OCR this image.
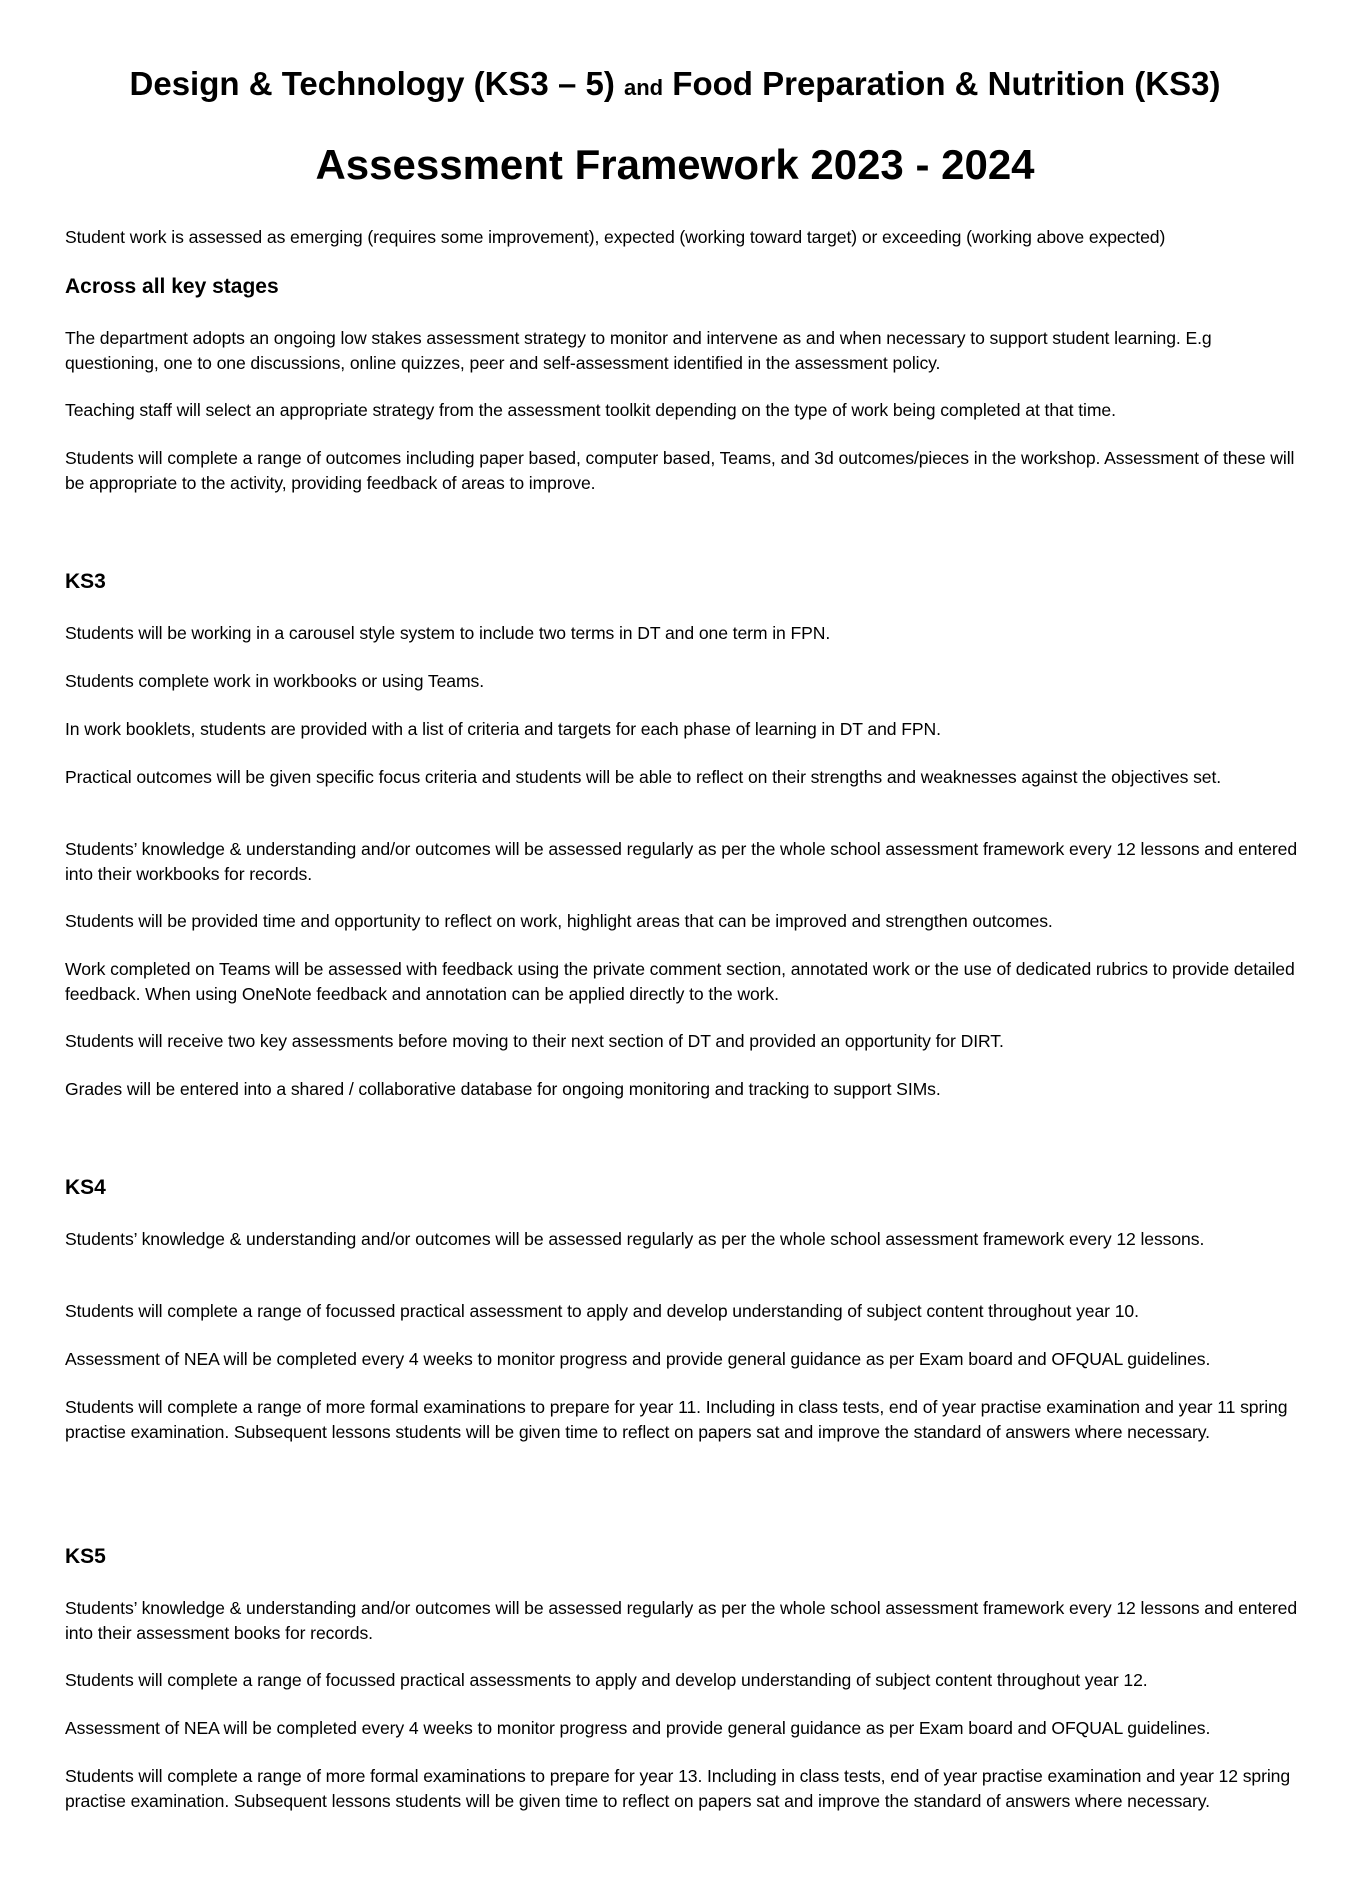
Design & Technology (KS3 – 5) and Food Preparation & Nutrition (KS3)
Assessment Framework 2023 - 2024
Student work is assessed as emerging (requires some improvement), expected (working toward target) or exceeding (working above expected)
Across all key stages
The department adopts an ongoing low stakes assessment strategy to monitor and intervene as and when necessary to support student learning. E.g questioning, one to one discussions, online quizzes, peer and self-assessment identified in the assessment policy.
Teaching staff will select an appropriate strategy from the assessment toolkit depending on the type of work being completed at that time.
Students will complete a range of outcomes including paper based, computer based, Teams, and 3d outcomes/pieces in the workshop. Assessment of these will be appropriate to the activity, providing feedback of areas to improve.
KS3
Students will be working in a carousel style system to include two terms in DT and one term in FPN.
Students complete work in workbooks or using Teams.
In work booklets, students are provided with a list of criteria and targets for each phase of learning in DT and FPN.
Practical outcomes will be given specific focus criteria and students will be able to reflect on their strengths and weaknesses against the objectives set.
Students’ knowledge & understanding and/or outcomes will be assessed regularly as per the whole school assessment framework every 12 lessons and entered into their workbooks for records.
Students will be provided time and opportunity to reflect on work, highlight areas that can be improved and strengthen outcomes.
Work completed on Teams will be assessed with feedback using the private comment section, annotated work or the use of dedicated rubrics to provide detailed feedback. When using OneNote feedback and annotation can be applied directly to the work.
Students will receive two key assessments before moving to their next section of DT and provided an opportunity for DIRT.
Grades will be entered into a shared / collaborative database for ongoing monitoring and tracking to support SIMs.
KS4
Students’ knowledge & understanding and/or outcomes will be assessed regularly as per the whole school assessment framework every 12 lessons.
Students will complete a range of focussed practical assessment to apply and develop understanding of subject content throughout year 10.
Assessment of NEA will be completed every 4 weeks to monitor progress and provide general guidance as per Exam board and OFQUAL guidelines.
Students will complete a range of more formal examinations to prepare for year 11. Including in class tests, end of year practise examination and year 11 spring practise examination. Subsequent lessons students will be given time to reflect on papers sat and improve the standard of answers where necessary.
KS5
Students’ knowledge & understanding and/or outcomes will be assessed regularly as per the whole school assessment framework every 12 lessons and entered into their assessment books for records.
Students will complete a range of focussed practical assessments to apply and develop understanding of subject content throughout year 12.
Assessment of NEA will be completed every 4 weeks to monitor progress and provide general guidance as per Exam board and OFQUAL guidelines.
Students will complete a range of more formal examinations to prepare for year 13. Including in class tests, end of year practise examination and year 12 spring practise examination. Subsequent lessons students will be given time to reflect on papers sat and improve the standard of answers where necessary.
